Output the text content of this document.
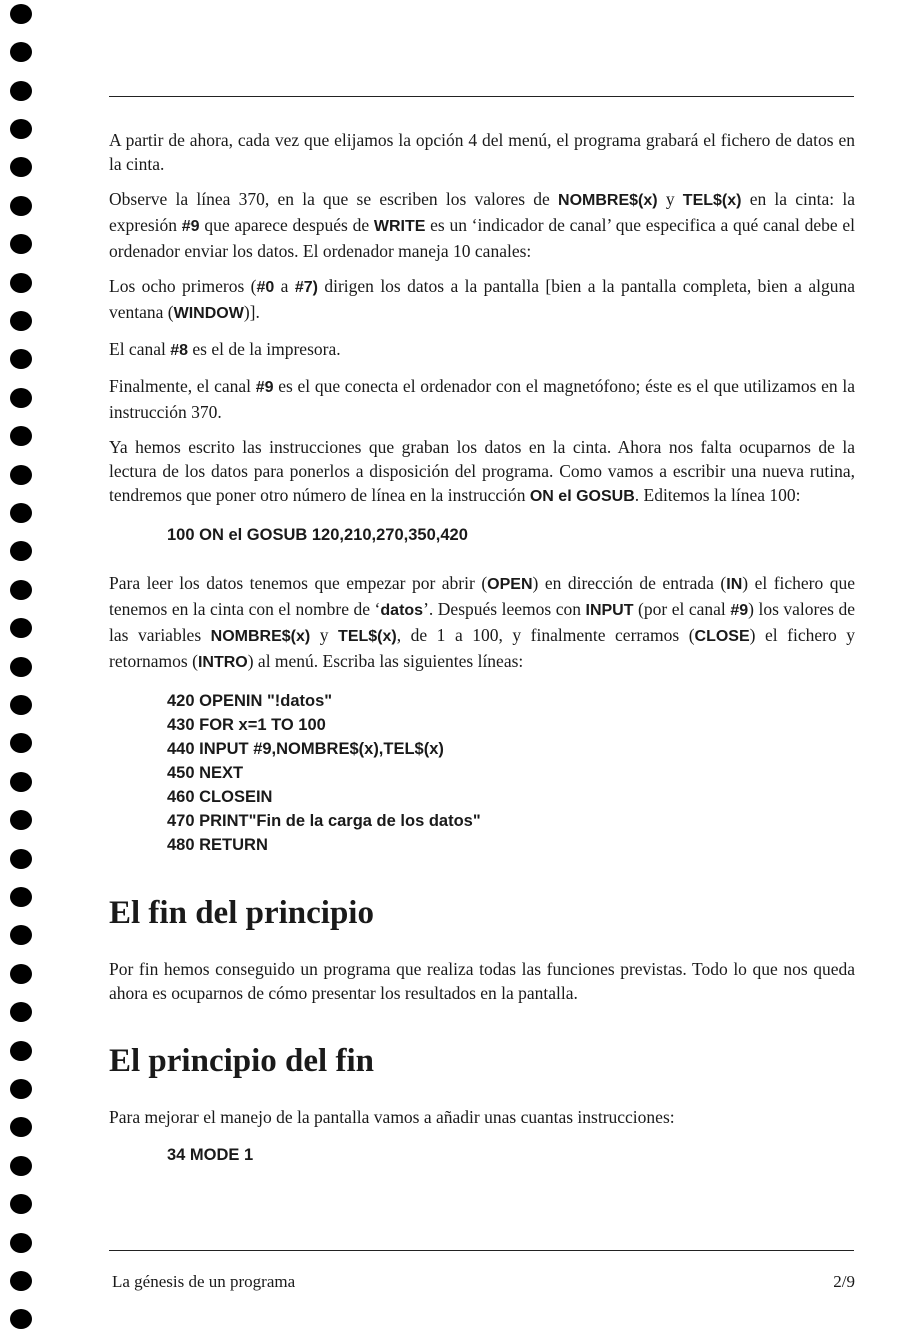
A partir de ahora, cada vez que elijamos la opción 4 del menú, el programa grabará el fichero de datos en la cinta.

Observe la línea 370, en la que se escriben los valores de NOMBRE$(x) y TEL$(x) en la cinta: la expresión #9 que aparece después de WRITE es un ‘indicador de canal’ que especifica a qué canal debe el ordenador enviar los datos. El ordenador maneja 10 canales:

Los ocho primeros (#0 a #7) dirigen los datos a la pantalla [bien a la pantalla completa, bien a alguna ventana (WINDOW)].

El canal #8 es el de la impresora.

Finalmente, el canal #9 es el que conecta el ordenador con el magnetófono; éste es el que utilizamos en la instrucción 370.

Ya hemos escrito las instrucciones que graban los datos en la cinta. Ahora nos falta ocuparnos de la lectura de los datos para ponerlos a disposición del programa. Como vamos a escribir una nueva rutina, tendremos que poner otro número de línea en la instrucción ON el GOSUB. Editemos la línea 100:

100 ON el GOSUB 120,210,270,350,420

Para leer los datos tenemos que empezar por abrir (OPEN) en dirección de entrada (IN) el fichero que tenemos en la cinta con el nombre de ‘datos’. Después leemos con INPUT (por el canal #9) los valores de las variables NOMBRE$(x) y TEL$(x), de 1 a 100, y finalmente cerramos (CLOSE) el fichero y retornamos (INTRO) al menú. Escriba las siguientes líneas:

420 OPENIN "!datos"
430 FOR x=1 TO 100
440 INPUT #9,NOMBRE$(x),TEL$(x)
450 NEXT
460 CLOSEIN
470 PRINT"Fin de la carga de los datos"
480 RETURN
El fin del principio

Por fin hemos conseguido un programa que realiza todas las funciones previstas. Todo lo que nos queda ahora es ocuparnos de cómo presentar los resultados en la pantalla.

El principio del fin

Para mejorar el manejo de la pantalla vamos a añadir unas cuantas instrucciones:

34 MODE 1
La génesis de un programa	2/9
